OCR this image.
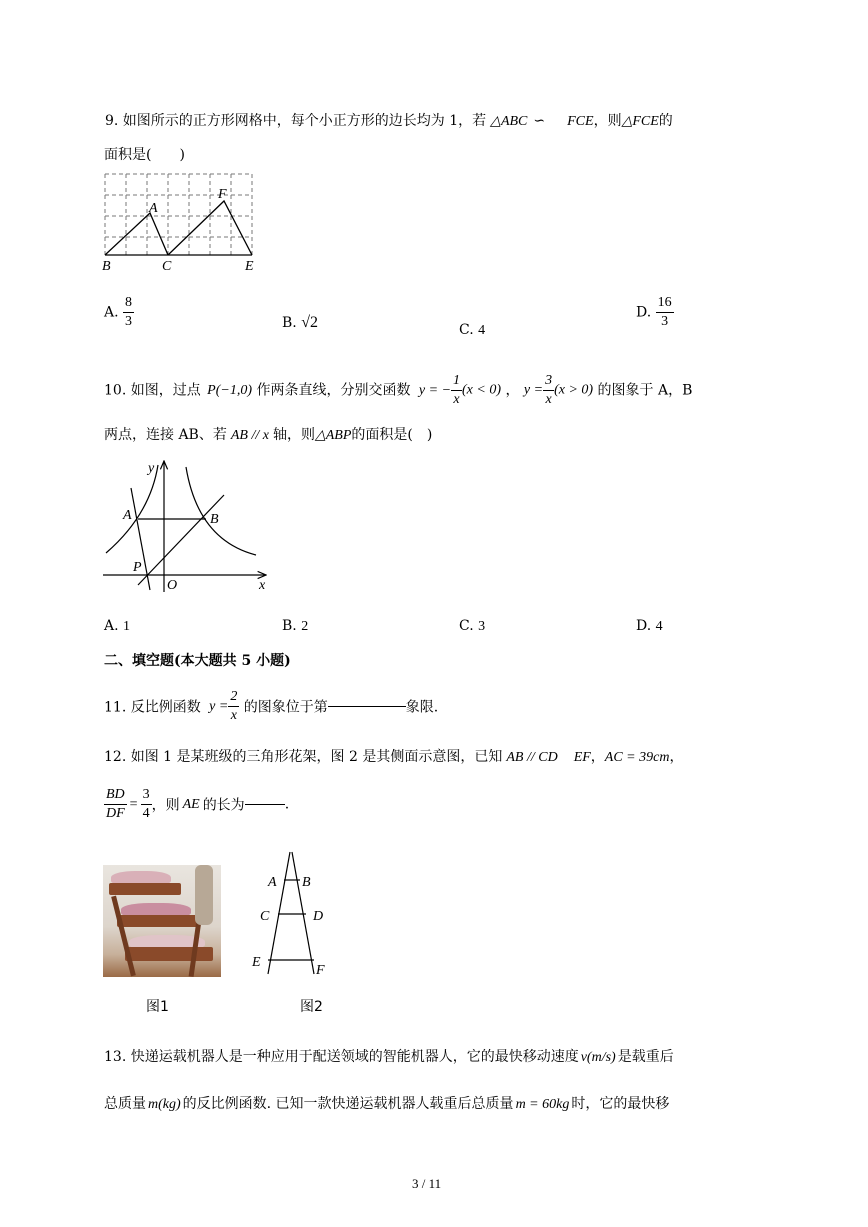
9. 如图所示的正方形网格中，每个小正方形的边长均为 1，若 △ABC ∽ FCE，则△FCE的
面积是(　　)
A
F
B	C	E
A. $\frac{8}{3}$	B. √2	C. 4
D. $\frac{16}{3}$
10. 如图，过点 P(−1,0) 作两条直线，分别交函数 y = − $\frac{1}{x} (x < 0)$ ， $y = \frac{3}{x} (x > 0)$ 的图象于 A，B
两点，连接 AB、若 AB // x 轴，则△ABP的面积是(　)
y
x
A	B
P
O
A. 1	B. 2	C. 3	D. 4
二、填空题(本大题共 5 小题)
11. 反比例函数 $y = \frac{2}{x}$ 的图象位于第	象限.
12. 如图 1 是某班级的三角形花架，图 2 是其侧面示意图，已知 AB // CD EF，AC = 39cm，
$\frac{BD}{DF} = \frac{3}{4}$ ，则 AE 的长为	.
图1
A B
C	D
E
F
图2
13. 快递运载机器人是一种应用于配送领域的智能机器人，它的最快移动速度 v(m/s) 是载重后
总质量 m(kg) 的反比例函数. 已知一款快递运载机器人载重后总质量 m = 60kg 时，它的最快移
3 / 11
